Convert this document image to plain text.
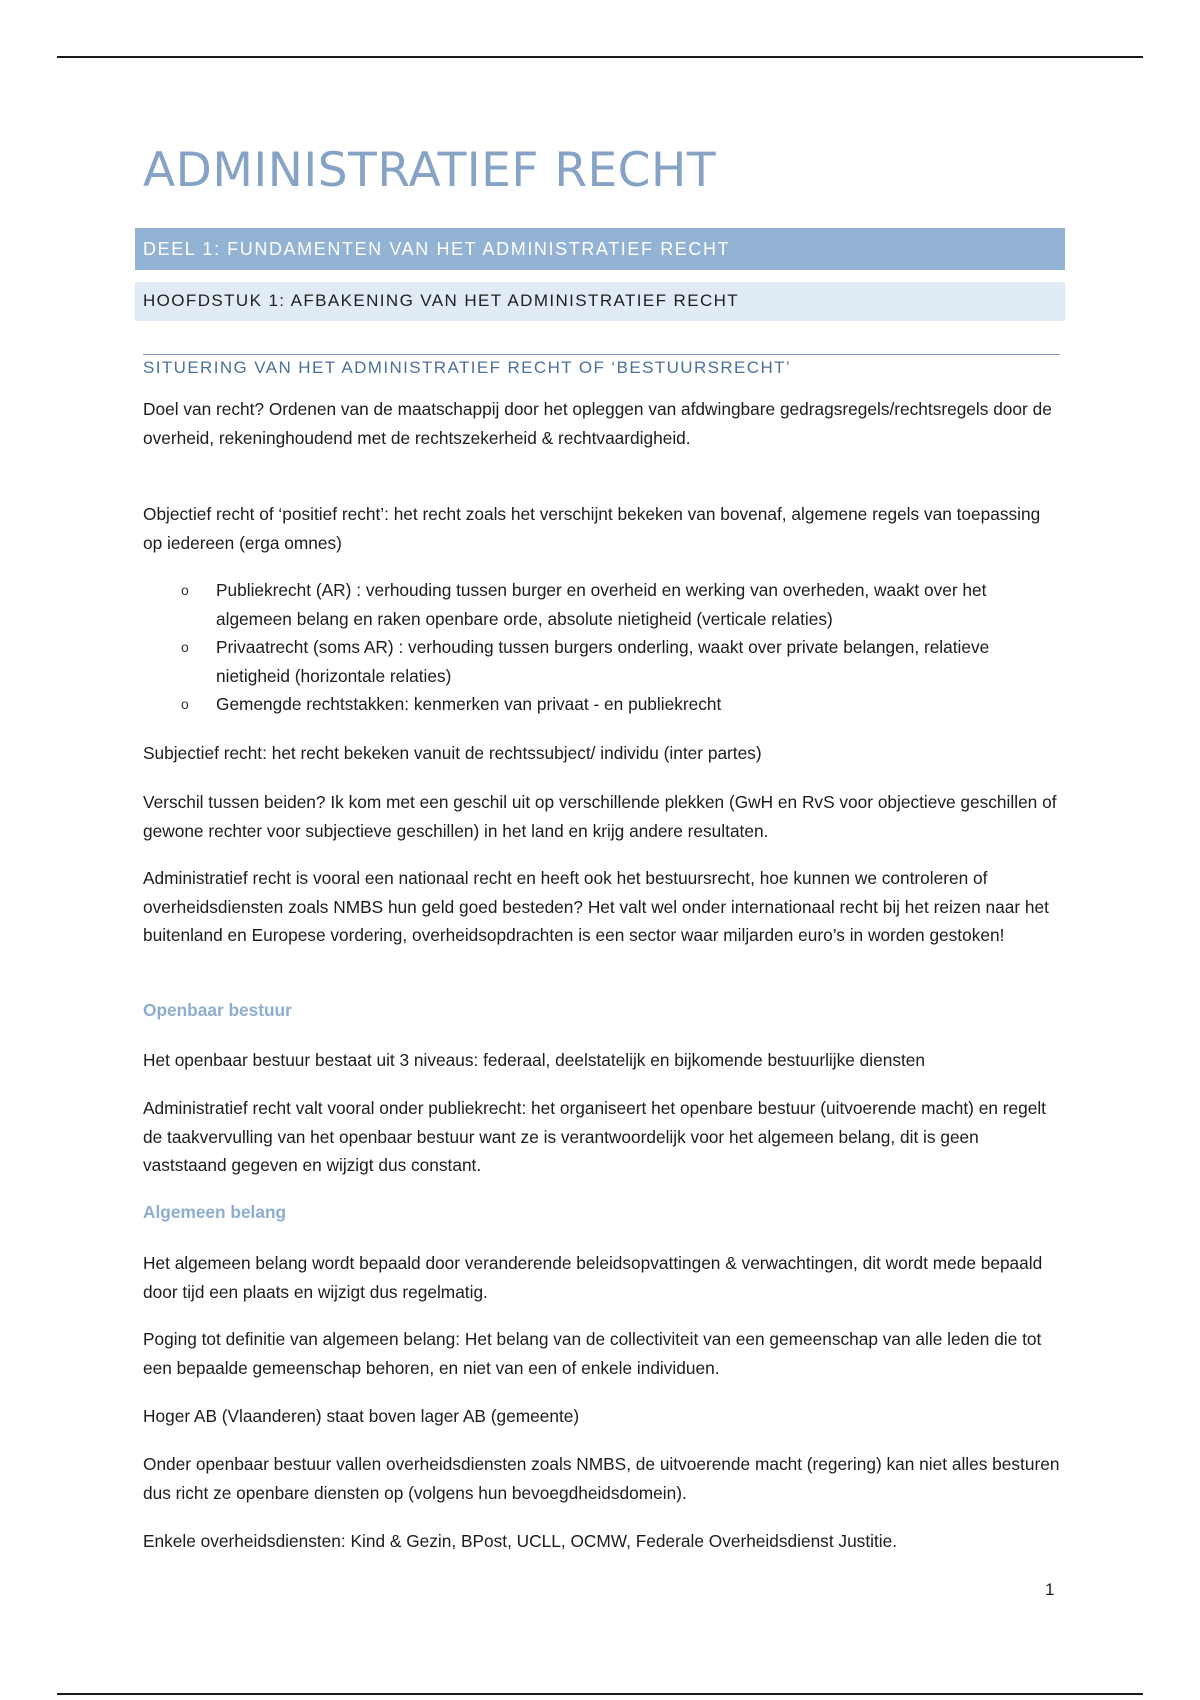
ADMINISTRATIEF RECHT
DEEL 1: FUNDAMENTEN VAN HET ADMINISTRATIEF RECHT
HOOFDSTUK 1: AFBAKENING VAN HET ADMINISTRATIEF RECHT
SITUERING VAN HET ADMINISTRATIEF RECHT OF ‘BESTUURSRECHT’

Doel van recht? Ordenen van de maatschappij door het opleggen van afdwingbare gedragsregels/rechtsregels door de overheid, rekeninghoudend met de rechtszekerheid & rechtvaardigheid.

Objectief recht of ‘positief recht’: het recht zoals het verschijnt bekeken van bovenaf, algemene regels van toepassing op iedereen (erga omnes)

o Publiekrecht (AR) : verhouding tussen burger en overheid en werking van overheden, waakt over het algemeen belang en raken openbare orde, absolute nietigheid (verticale relaties)
o Privaatrecht (soms AR) : verhouding tussen burgers onderling, waakt over private belangen, relatieve nietigheid (horizontale relaties)
o Gemengde rechtstakken: kenmerken van privaat - en publiekrecht

Subjectief recht: het recht bekeken vanuit de rechtssubject/ individu (inter partes)

Verschil tussen beiden? Ik kom met een geschil uit op verschillende plekken (GwH en RvS voor objectieve geschillen of gewone rechter voor subjectieve geschillen) in het land en krijg andere resultaten.

Administratief recht is vooral een nationaal recht en heeft ook het bestuursrecht, hoe kunnen we controleren of overheidsdiensten zoals NMBS hun geld goed besteden? Het valt wel onder internationaal recht bij het reizen naar het buitenland en Europese vordering, overheidsopdrachten is een sector waar miljarden euro’s in worden gestoken!

Openbaar bestuur

Het openbaar bestuur bestaat uit 3 niveaus: federaal, deelstatelijk en bijkomende bestuurlijke diensten

Administratief recht valt vooral onder publiekrecht: het organiseert het openbare bestuur (uitvoerende macht) en regelt de taakvervulling van het openbaar bestuur want ze is verantwoordelijk voor het algemeen belang, dit is geen vaststaand gegeven en wijzigt dus constant.

Algemeen belang

Het algemeen belang wordt bepaald door veranderende beleidsopvattingen & verwachtingen, dit wordt mede bepaald door tijd een plaats en wijzigt dus regelmatig.

Poging tot definitie van algemeen belang: Het belang van de collectiviteit van een gemeenschap van alle leden die tot een bepaalde gemeenschap behoren, en niet van een of enkele individuen.

Hoger AB (Vlaanderen) staat boven lager AB (gemeente)

Onder openbaar bestuur vallen overheidsdiensten zoals NMBS, de uitvoerende macht (regering) kan niet alles besturen dus richt ze openbare diensten op (volgens hun bevoegdheidsdomein).

Enkele overheidsdiensten: Kind & Gezin, BPost, UCLL, OCMW, Federale Overheidsdienst Justitie.

1
